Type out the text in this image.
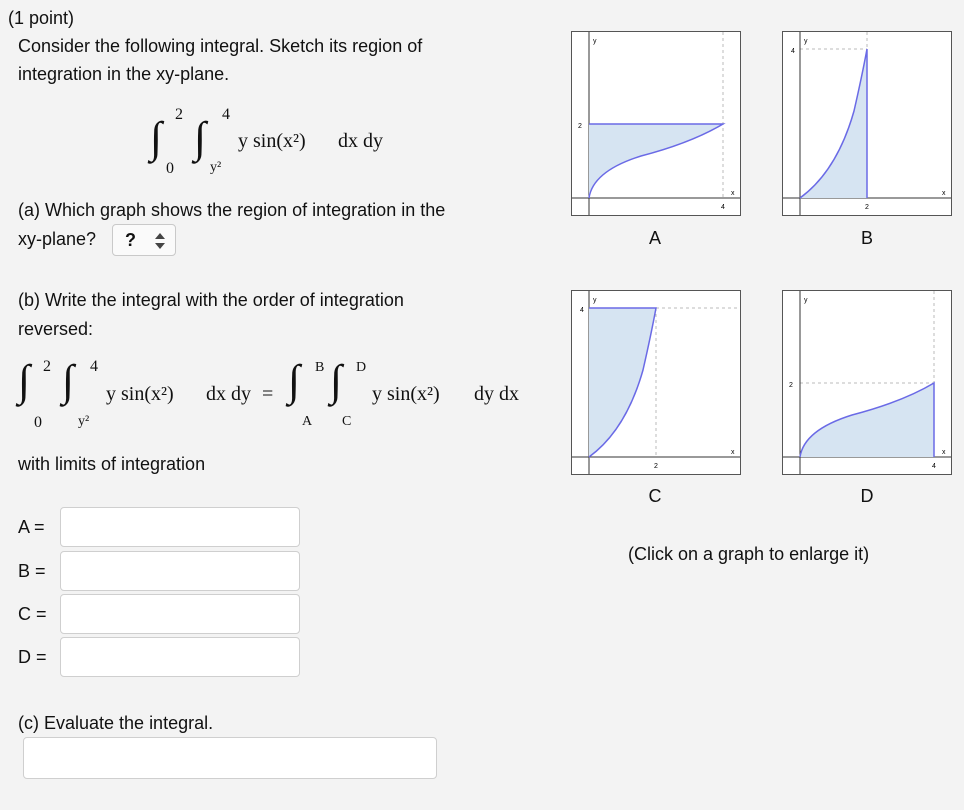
(1 point)
Consider the following integral. Sketch its region of
integration in the xy-plane.
∫ 2
0
∫ 4
y²
y sin(x²) dx dy
(a) Which graph shows the region of integration in the
xy-plane? ?
(b) Write the integral with the order of integration
reversed:
∫ 2
0
∫ 4
y²
y sin(x²) dx dy = ∫ B
A
∫ D
C
y sin(x²) dy dx
with limits of integration
A =
B =
C =
D =
(c) Evaluate the integral.
y
2
4
x
A
y
4
2
x
B
y
4
2
x
C
y
2
4
x
D
(Click on a graph to enlarge it)
